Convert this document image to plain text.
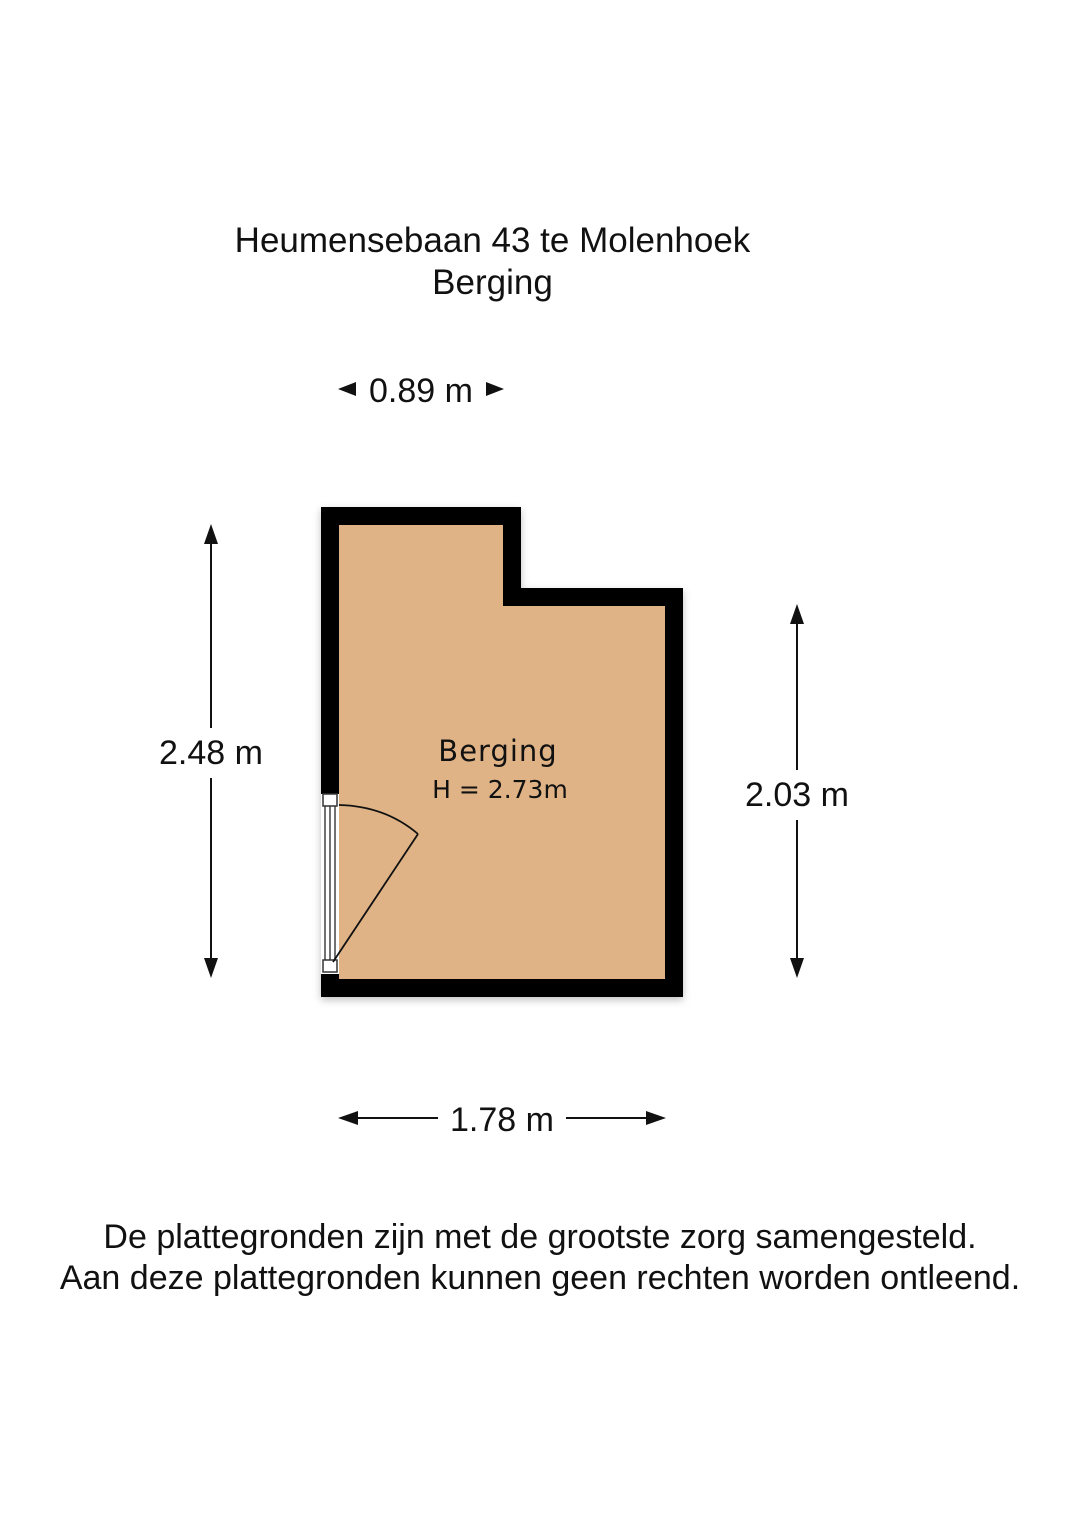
Heumensebaan 43 te Molenhoek
Berging
Berging
H = 2.73m
0.89 m
2.48 m
2.03 m
1.78 m
De plattegronden zijn met de grootste zorg samengesteld.
Aan deze plattegronden kunnen geen rechten worden ontleend.
